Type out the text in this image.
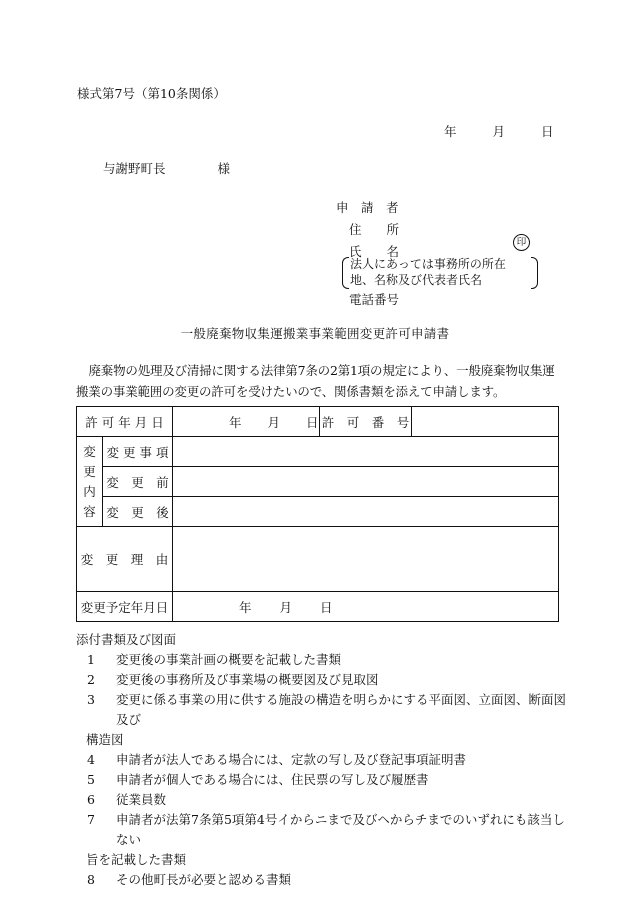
様式第7号（第10条関係）
年	月	日
与謝野町長	様
申　請　者
住　　所
氏　　名
印
法人にあっては事務所の所在
地、名称及び代表者氏名
電話番号
一般廃棄物収集運搬業事業範囲変更許可申請書

廃棄物の処理及び清掃に関する法律第7条の2第1項の規定により、一般廃棄物収集運搬業の事業範囲の変更の許可を受けたいので、関係書類を添えて申請します。

許 可 年 月 日		年 月 日	許　可　番　号	

変
更
内
容	変 更 事 項			
	変　更　前			
	変　更　後			
変　更　理　由				
変更予定年月日		年 月 日		
添付書類及び図面
1	変更後の事業計画の概要を記載した書類
2	変更後の事務所及び事業場の概要図及び見取図
3	変更に係る事業の用に供する施設の構造を明らかにする平面図、立面図、断面図及び
構造図
4	申請者が法人である場合には、定款の写し及び登記事項証明書
5	申請者が個人である場合には、住民票の写し及び履歴書
6	従業員数
7	申請者が法第7条第5項第4号イからニまで及びヘからチまでのいずれにも該当しない
旨を記載した書類
8	その他町長が必要と認める書類
